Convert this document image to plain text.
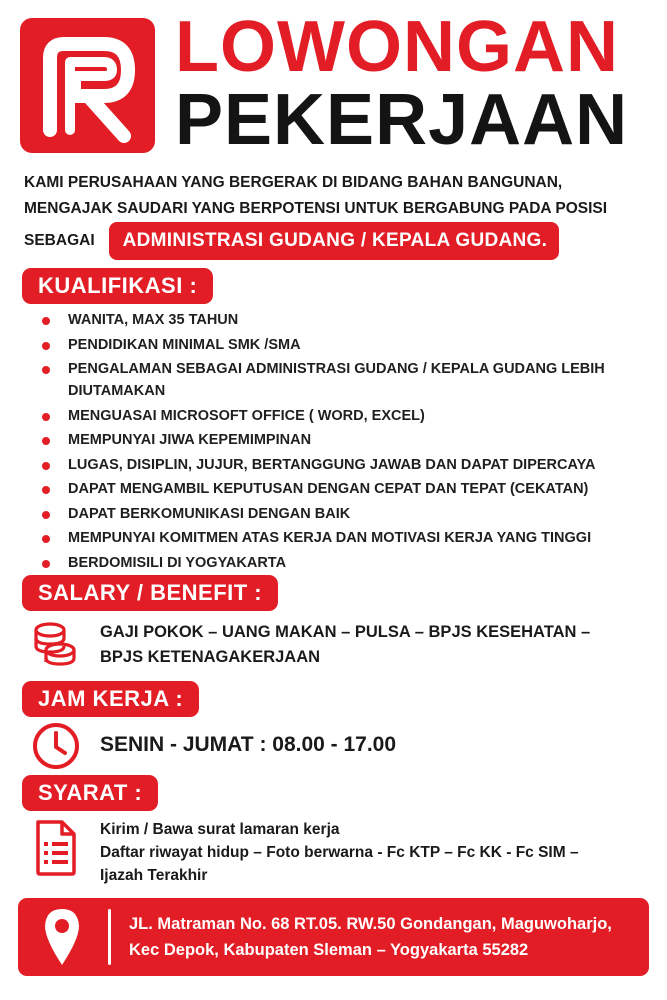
LOWONGAN
PEKERJAAN
KAMI PERUSAHAAN YANG BERGERAK DI BIDANG BAHAN BANGUNAN,
MENGAJAK SAUDARI YANG BERPOTENSI UNTUK BERGABUNG PADA POSISI
SEBAGAI	ADMINISTRASI GUDANG / KEPALA GUDANG.
KUALIFIKASI :
WANITA, MAX 35 TAHUN
PENDIDIKAN MINIMAL SMK /SMA
PENGALAMAN SEBAGAI ADMINISTRASI GUDANG / KEPALA GUDANG LEBIH DIUTAMAKAN
MENGUASAI MICROSOFT OFFICE ( WORD, EXCEL)
MEMPUNYAI JIWA KEPEMIMPINAN
LUGAS, DISIPLIN, JUJUR, BERTANGGUNG JAWAB DAN DAPAT DIPERCAYA
DAPAT MENGAMBIL KEPUTUSAN DENGAN CEPAT DAN TEPAT (CEKATAN)
DAPAT BERKOMUNIKASI DENGAN BAIK
MEMPUNYAI KOMITMEN ATAS KERJA DAN MOTIVASI KERJA YANG TINGGI
BERDOMISILI DI YOGYAKARTA
SALARY / BENEFIT :
GAJI POKOK – UANG MAKAN – PULSA – BPJS KESEHATAN –
BPJS KETENAGAKERJAAN
JAM KERJA :
SENIN - JUMAT : 08.00 - 17.00
SYARAT :
Kirim / Bawa surat lamaran kerja
Daftar riwayat hidup – Foto berwarna - Fc KTP – Fc KK - Fc SIM –
Ijazah Terakhir
JL. Matraman No. 68 RT.05. RW.50 Gondangan, Maguwoharjo,
Kec Depok, Kabupaten Sleman – Yogyakarta 55282
